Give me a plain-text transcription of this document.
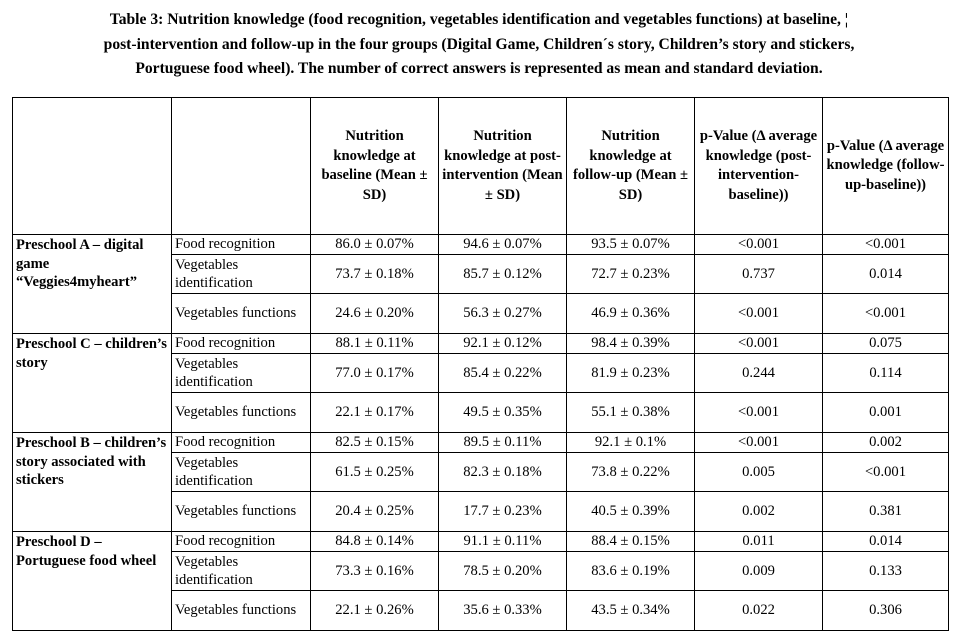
Table 3: Nutrition knowledge (food recognition, vegetables identification and vegetables functions) at baseline, ¦
post-intervention and follow-up in the four groups (Digital Game, Children´s story, Children’s story and stickers,
Portuguese food wheel). The number of correct answers is represented as mean and standard deviation.
		Nutrition knowledge at baseline (Mean ± SD)	Nutrition knowledge at post-intervention (Mean ± SD)	Nutrition knowledge at follow-up (Mean ± SD)	p-Value (Δ average knowledge (post-intervention-baseline))	p-Value (Δ average knowledge (follow-up-baseline))
Preschool A – digital game “Veggies4myheart”	Food recognition	86.0 ± 0.07%	94.6 ± 0.07%	93.5 ± 0.07%	<0.001	<0.001
	Vegetables identification	73.7 ± 0.18%	85.7 ± 0.12%	72.7 ± 0.23%	0.737	0.014
	Vegetables functions	24.6 ± 0.20%	56.3 ± 0.27%	46.9 ± 0.36%	<0.001	<0.001
Preschool C – children’s story	Food recognition	88.1 ± 0.11%	92.1 ± 0.12%	98.4 ± 0.39%	<0.001	0.075
	Vegetables identification	77.0 ± 0.17%	85.4 ± 0.22%	81.9 ± 0.23%	0.244	0.114
	Vegetables functions	22.1 ± 0.17%	49.5 ± 0.35%	55.1 ± 0.38%	<0.001	0.001
Preschool B – children’s story associated with stickers	Food recognition	82.5 ± 0.15%	89.5 ± 0.11%	92.1 ± 0.1%	<0.001	0.002
	Vegetables identification	61.5 ± 0.25%	82.3 ± 0.18%	73.8 ± 0.22%	0.005	<0.001
	Vegetables functions	20.4 ± 0.25%	17.7 ± 0.23%	40.5 ± 0.39%	0.002	0.381
Preschool D – Portuguese food wheel	Food recognition	84.8 ± 0.14%	91.1 ± 0.11%	88.4 ± 0.15%	0.011	0.014
	Vegetables identification	73.3 ± 0.16%	78.5 ± 0.20%	83.6 ± 0.19%	0.009	0.133
	Vegetables functions	22.1 ± 0.26%	35.6 ± 0.33%	43.5 ± 0.34%	0.022	0.306
